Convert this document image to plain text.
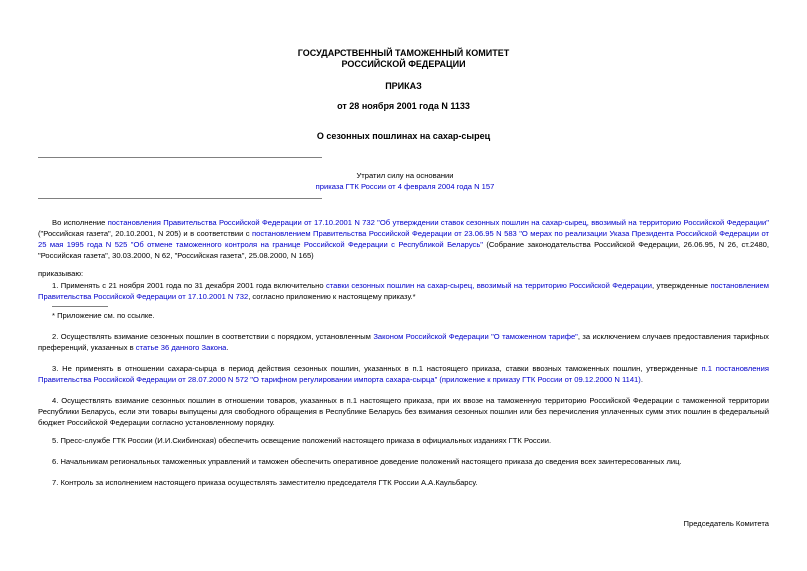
ГОСУДАРСТВЕННЫЙ ТАМОЖЕННЫЙ КОМИТЕТ
РОССИЙСКОЙ ФЕДЕРАЦИИ
ПРИКАЗ
от 28 ноября 2001 года N 1133
О сезонных пошлинах на сахар-сырец
Утратил силу на основании
приказа ГТК России от 4 февраля 2004 года N 157
Во исполнение постановления Правительства Российской Федерации от 17.10.2001 N 732 "Об утверждении ставок сезонных пошлин на сахар-сырец, ввозимый на территорию Российской Федерации" ("Российская газета", 20.10.2001, N 205) и в соответствии с постановлением Правительства Российской Федерации от 23.06.95 N 583 "О мерах по реализации Указа Президента Российской Федерации от 25 мая 1995 года N 525 "Об отмене таможенного контроля на границе Российской Федерации с Республикой Беларусь" (Собрание законодательства Российской Федерации, 26.06.95, N 26, ст.2480, "Российская газета", 30.03.2000, N 62, "Российская газета", 25.08.2000, N 165)
приказываю:
1. Применять с 21 ноября 2001 года по 31 декабря 2001 года включительно ставки сезонных пошлин на сахар-сырец, ввозимый на территорию Российской Федерации, утвержденные постановлением Правительства Российской Федерации от 17.10.2001 N 732, согласно приложению к настоящему приказу.*
* Приложение см. по ссылке.
2. Осуществлять взимание сезонных пошлин в соответствии с порядком, установленным Законом Российской Федерации "О таможенном тарифе", за исключением случаев предоставления тарифных преференций, указанных в статье 36 данного Закона.
3. Не применять в отношении сахара-сырца в период действия сезонных пошлин, указанных в п.1 настоящего приказа, ставки ввозных таможенных пошлин, утвержденные п.1 постановления Правительства Российской Федерации от 28.07.2000 N 572 "О тарифном регулировании импорта сахара-сырца" (приложение к приказу ГТК России от 09.12.2000 N 1141).
4. Осуществлять взимание сезонных пошлин в отношении товаров, указанных в п.1 настоящего приказа, при их ввозе на таможенную территорию Российской Федерации с таможенной территории Республики Беларусь, если эти товары выпущены для свободного обращения в Республике Беларусь без взимания сезонных пошлин или без перечисления уплаченных сумм этих пошлин в федеральный бюджет Российской Федерации согласно установленному порядку.
5. Пресс-службе ГТК России (И.И.Скибинская) обеспечить освещение положений настоящего приказа в официальных изданиях ГТК России.
6. Начальникам региональных таможенных управлений и таможен обеспечить оперативное доведение положений настоящего приказа до сведения всех заинтересованных лиц.
7. Контроль за исполнением настоящего приказа осуществлять заместителю председателя ГТК России А.А.Каульбарсу.
Председатель Комитета
